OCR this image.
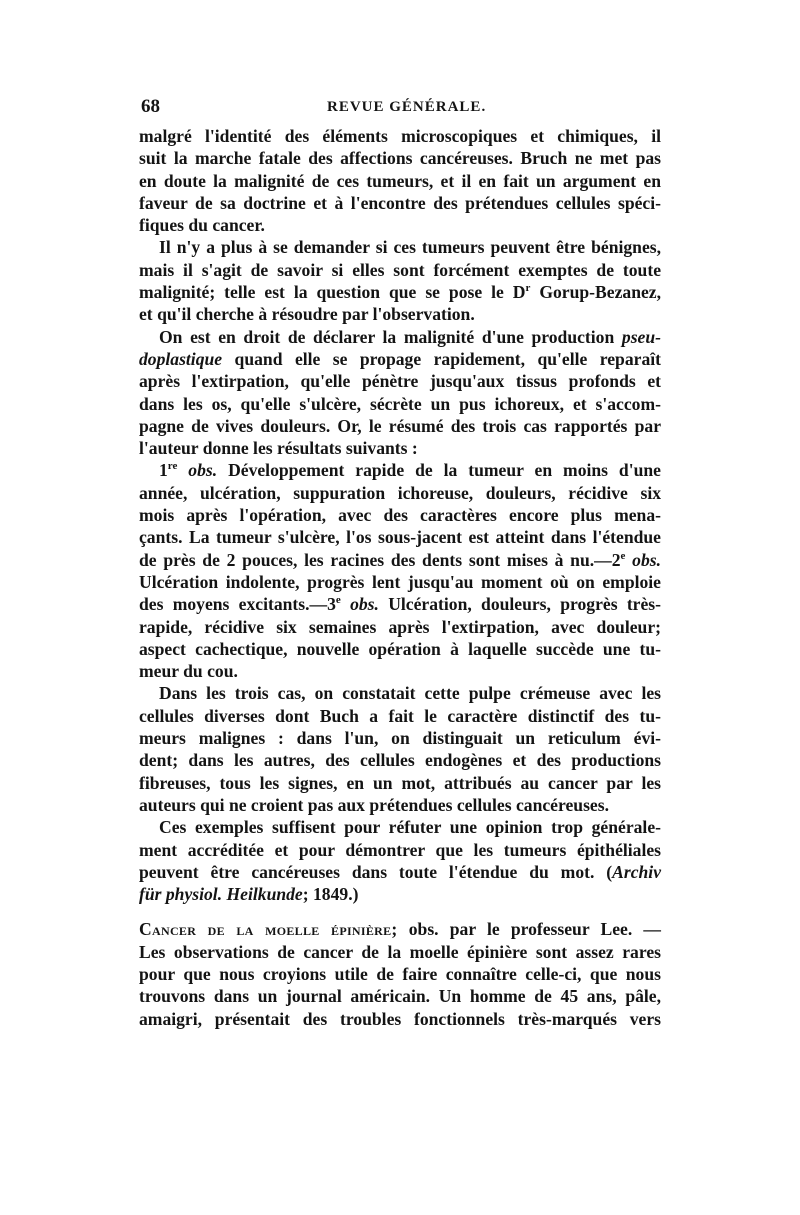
68	REVUE GÉNÉRALE.
malgré l'identité des éléments microscopiques et chimiques, il
suit la marche fatale des affections cancéreuses. Bruch ne met pas
en doute la malignité de ces tumeurs, et il en fait un argument en
faveur de sa doctrine et à l'encontre des prétendues cellules spéci-
fiques du cancer.
Il n'y a plus à se demander si ces tumeurs peuvent être bénignes,
mais il s'agit de savoir si elles sont forcément exemptes de toute
malignité; telle est la question que se pose le $D^r$ Gorup-Bezanez,
et qu'il cherche à résoudre par l'observation.
On est en droit de déclarer la malignité d'une production pseu-
doplastique quand elle se propage rapidement, qu'elle reparaît
après l'extirpation, qu'elle pénètre jusqu'aux tissus profonds et
dans les os, qu'elle s'ulcère, sécrète un pus ichoreux, et s'accom-
pagne de vives douleurs. Or, le résumé des trois cas rapportés par
l'auteur donne les résultats suivants :
1re obs. Développement rapide de la tumeur en moins d'une
année, ulcération, suppuration ichoreuse, douleurs, récidive six
mois après l'opération, avec des caractères encore plus mena-
çants. La tumeur s'ulcère, l'os sous-jacent est atteint dans l'étendue
de près de 2 pouces, les racines des dents sont mises à nu.—2e obs.
Ulcération indolente, progrès lent jusqu'au moment où on emploie
des moyens excitants.—3e obs. Ulcération, douleurs, progrès très-
rapide, récidive six semaines après l'extirpation, avec douleur;
aspect cachectique, nouvelle opération à laquelle succède une tu-
meur du cou.
Dans les trois cas, on constatait cette pulpe crémeuse avec les
cellules diverses dont Buch a fait le caractère distinctif des tu-
meurs malignes : dans l'un, on distinguait un reticulum évi-
dent; dans les autres, des cellules endogènes et des productions
fibreuses, tous les signes, en un mot, attribués au cancer par les
auteurs qui ne croient pas aux prétendues cellules cancéreuses.
Ces exemples suffisent pour réfuter une opinion trop générale-
ment accréditée et pour démontrer que les tumeurs épithéliales
peuvent être cancéreuses dans toute l'étendue du mot. (Archiv
für physiol. Heilkunde; 1849.)
Cancer de la moelle épinière; obs. par le professeur Lee. —
Les observations de cancer de la moelle épinière sont assez rares
pour que nous croyions utile de faire connaître celle-ci, que nous
trouvons dans un journal américain. Un homme de 45 ans, pâle,
amaigri, présentait des troubles fonctionnels très-marqués vers
